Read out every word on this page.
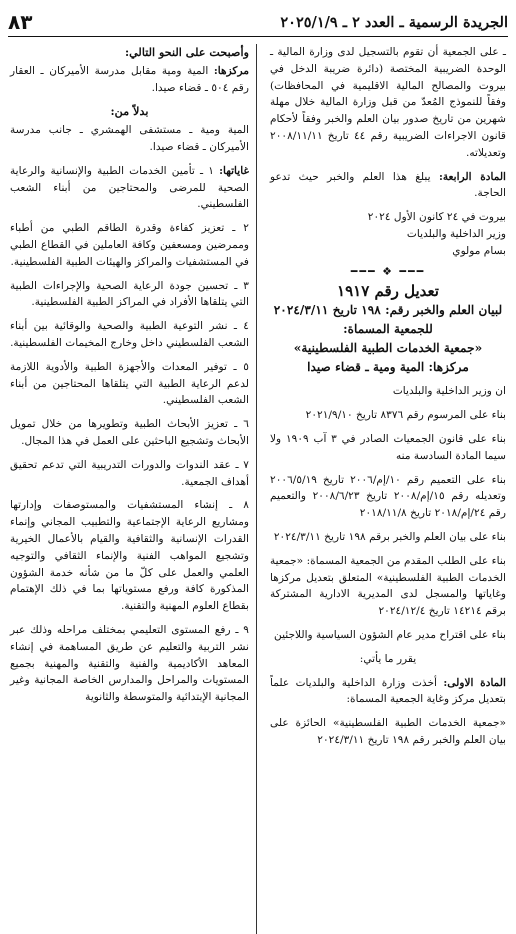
الجريدة الرسمية ـ العدد ٢ ـ ٢٠٢٥/١/٩
٨٣

ـ على الجمعية أن تقوم بالتسجيل لدى وزارة المالية ـ الوحدة الضريبية المختصة (دائرة ضريبة الدخل في بيروت والمصالح المالية الاقليمية في المحافظات) وفقاً للنموذج المُعدّ من قبل وزارة المالية خلال مهلة شهرين من تاريخ صدور بيان العلم والخبر وفقاً لأحكام قانون الاجراءات الضريبية رقم ٤٤ تاريخ ٢٠٠٨/١١/١١ وتعديلاته.

المادة الرابعة: يبلغ هذا العلم والخبر حيث تدعو الحاجة.

بيروت في ٢٤ كانون الأول ٢٠٢٤

وزير الداخلية والبلديات

بسام مولوي

━━━ ❖ ━━━

تعديل رقم ١٩١٧

لبيان العلم والخبر رقم: ١٩٨ تاريخ ٢٠٢٤/٣/١١

للجمعية المسماة:

«جمعية الخدمات الطبية الفلسطينية»

مركزها: المية ومية ـ قضاء صيدا

ان وزير الداخلية والبلديات

بناء على المرسوم رقم ٨٣٧٦ تاريخ ٢٠٢١/٩/١٠

بناء على قانون الجمعيات الصادر في ٣ آب ١٩٠٩ ولا سيما المادة السادسة منه

بناء على التعميم رقم ١٠/إم/٢٠٠٦ تاريخ ٢٠٠٦/٥/١٩ وتعديله رقم ١٥/إم/٢٠٠٨ تاريخ ٢٠٠٨/٦/٢٣ والتعميم رقم ٢٤/إم/٢٠١٨ تاريخ ٢٠١٨/١١/٨

بناء على بيان العلم والخبر برقم ١٩٨ تاريخ ٢٠٢٤/٣/١١

بناء على الطلب المقدم من الجمعية المسماة: «جمعية الخدمات الطبية الفلسطينية» المتعلق بتعديل مركزها وغاياتها والمسجل لدى المديرية الادارية المشتركة برقم ١٤٢١٤ تاريخ ٢٠٢٤/١٢/٤

بناء على اقتراح مدير عام الشؤون السياسية واللاجئين

يقرر ما يأتي:

المادة الاولى: أخذت وزارة الداخلية والبلديات علماً بتعديل مركز وغاية الجمعية المسماة:

«جمعية الخدمات الطبية الفلسطينية» الحائزة على بيان العلم والخبر رقم ١٩٨ تاريخ ٢٠٢٤/٣/١١

وأصبحت على النحو التالي:

مركزها: المية ومية مقابل مدرسة الأميركان ـ العقار رقم ٥٠٤ ـ قضاء صيدا.

بدلاً من:

المية ومية ـ مستشفى الهمشري ـ جانب مدرسة الأميركان ـ قضاء صيدا.

غاياتها: ١ ـ تأمين الخدمات الطبية والإنسانية والرعاية الصحية للمرضى والمحتاجين من أبناء الشعب الفلسطيني.

٢ ـ تعزيز كفاءة وقدرة الطاقم الطبي من أطباء وممرضين ومسعفين وكافة العاملين في القطاع الطبي في المستشفيات والمراكز والهيئات الطبية الفلسطينية.

٣ ـ تحسين جودة الرعاية الصحية والإجراءات الطبية التي يتلقاها الأفراد في المراكز الطبية الفلسطينية.

٤ ـ نشر التوعية الطبية والصحية والوقائية بين أبناء الشعب الفلسطيني داخل وخارج المخيمات الفلسطينية.

٥ ـ توفير المعدات والأجهزة الطبية والأدوية اللازمة لدعم الرعاية الطبية التي يتلقاها المحتاجين من أبناء الشعب الفلسطيني.

٦ ـ تعزيز الأبحاث الطبية وتطويرها من خلال تمويل الأبحاث وتشجيع الباحثين على العمل في هذا المجال.

٧ ـ عقد الندوات والدورات التدريبية التي تدعم تحقيق أهداف الجمعية.

٨ ـ إنشاء المستشفيات والمستوصفات وإدارتها ومشاريع الرعاية الإجتماعية والتطبيب المجاني وإنماء القدرات الإنسانية والثقافية والقيام بالأعمال الخيرية وتشجيع المواهب الفنية والإنماء الثقافي والتوجيه العلمي والعمل على كلّ ما من شأنه خدمة الشؤون المذكورة كافة ورفع مستوياتها بما في ذلك الإهتمام بقطاع العلوم المهنية والتقنية.

٩ ـ رفع المستوى التعليمي بمختلف مراحله وذلك عبر نشر التربية والتعليم عن طريق المساهمة في إنشاء المعاهد الأكاديمية والفنية والتقنية والمهنية بجميع المستويات والمراحل والمدارس الخاصة المجانية وغير المجانية الإبتدائية والمتوسطة والثانوية
